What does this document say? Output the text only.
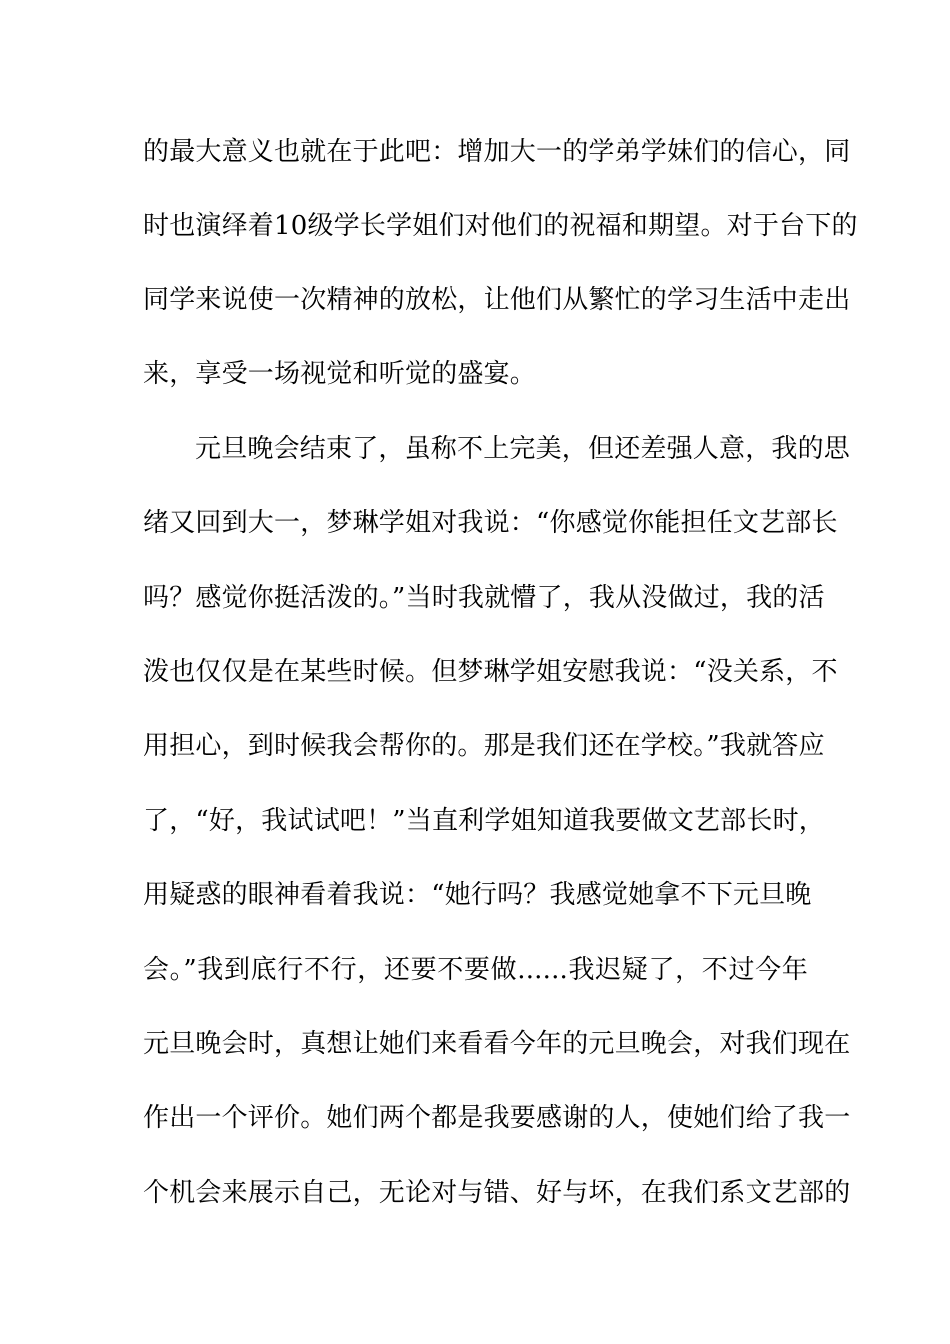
的最大意义也就在于此吧：增加大一的学弟学妹们的信心，同
时也演绎着10级学长学姐们对他们的祝福和期望。对于台下的
同学来说使一次精神的放松，让他们从繁忙的学习生活中走出
来，享受一场视觉和听觉的盛宴。
元旦晚会结束了，虽称不上完美，但还差强人意，我的思
绪又回到大一，梦琳学姐对我说：“你感觉你能担任文艺部长
吗？感觉你挺活泼的。”当时我就懵了，我从没做过，我的活
泼也仅仅是在某些时候。但梦琳学姐安慰我说：“没关系，不
用担心，到时候我会帮你的。那是我们还在学校。”我就答应
了，“好，我试试吧！”当直利学姐知道我要做文艺部长时，
用疑惑的眼神看着我说：“她行吗？我感觉她拿不下元旦晚
会。”我到底行不行，还要不要做......我迟疑了，不过今年
元旦晚会时，真想让她们来看看今年的元旦晚会，对我们现在
作出一个评价。她们两个都是我要感谢的人，使她们给了我一
个机会来展示自己，无论对与错、好与坏，在我们系文艺部的
